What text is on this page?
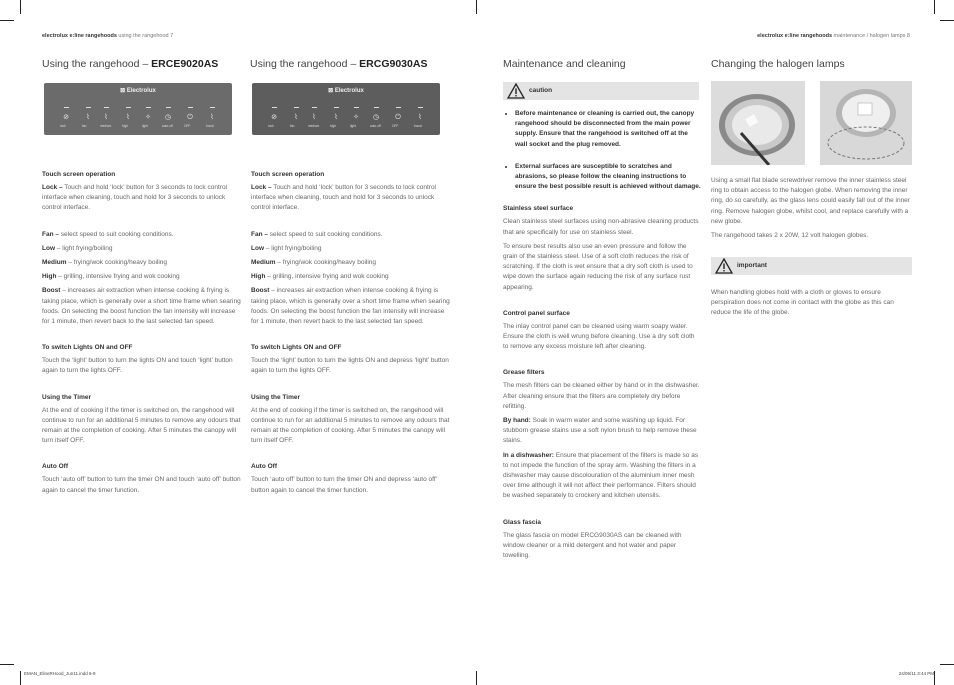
electrolux e:line rangehoods using the rangehood 7	electrolux e:line rangehoods maintenance / halogen lamps 8
Using the rangehood – ERCE9020AS	Using the rangehood – ERCG9030AS	Maintenance and cleaning	Changing the halogen lamps
⊠ Electrolux
⊘
lock
⌇
fan
⌇
medium
⌇
high
✧
light
◷
auto-off
⏻
OFF
⌇
boost
⊠ Electrolux
⊘
lock
⌇
fan
⌇
medium
⌇
high
✧
light
◷
auto-off
⏻
OFF
⌇
boost
Touch screen operation

Lock – Touch and hold ‘lock’ button for 3 seconds to lock control interface when cleaning, touch and hold for 3 seconds to unlock control interface.

Fan – select speed to suit cooking conditions.

Low – light frying/boiling

Medium – frying/wok cooking/heavy boiling

High – grilling, intensive frying and wok cooking

Boost – increases air extraction when intense cooking & frying is taking place, which is generally over a short time frame when searing foods. On selecting the boost function the fan intensity will increase for 1 minute, then revert back to the last selected fan speed.

To switch Lights ON and OFF

Touch the ‘light’ button to turn the lights ON and touch ‘light’ button again to turn the lights OFF.

Using the Timer

At the end of cooking if the timer is switched on, the rangehood will continue to run for an additional 5 minutes to remove any odours that remain at the completion of cooking. After 5 minutes the canopy will turn itself OFF.

Auto Off

Touch ‘auto off’ button to turn the timer ON and touch ‘auto off’ button again to cancel the timer function.

Touch screen operation

Lock – Touch and hold ‘lock’ button for 3 seconds to lock control interface when cleaning, touch and hold for 3 seconds to unlock control interface.

Fan – select speed to suit cooking conditions.

Low – light frying/boiling

Medium – frying/wok cooking/heavy boiling

High – grilling, intensive frying and wok cooking

Boost – increases air extraction when intense cooking & frying is taking place, which is generally over a short time frame when searing foods. On selecting the boost function the fan intensity will increase for 1 minute, then revert back to the last selected fan speed.

To switch Lights ON and OFF

Touch the ‘light’ button to turn the lights ON and depress ‘light’ button again to turn the lights OFF.

Using the Timer

At the end of cooking if the timer is switched on, the rangehood will continue to run for an additional 5 minutes to remove any odours that remain at the completion of cooking. After 5 minutes the canopy will turn itself OFF.

Auto Off

Touch ‘auto off’ button to turn the timer ON and depress ‘auto off’ button again to cancel the timer function.

caution
• Before maintenance or cleaning is carried out, the canopy rangehood should be disconnected from the main power supply. Ensure that the rangehood is switched off at the wall socket and the plug removed.
• External surfaces are susceptible to scratches and abrasions, so please follow the cleaning instructions to ensure the best possible result is achieved without damage.
Stainless steel surface

Clean stainless steel surfaces using non-abrasive cleaning products that are specifically for use on stainless steel.

To ensure best results also use an even pressure and follow the grain of the stainless steel. Use of a soft cloth reduces the risk of scratching. If the cloth is wet ensure that a dry soft cloth is used to wipe down the surface again reducing the risk of any surface rust appearing.

Control panel surface

The inlay control panel can be cleaned using warm soapy water. Ensure the cloth is well wrung before cleaning. Use a dry soft cloth to remove any excess moisture left after cleaning.

Grease filters

The mesh filters can be cleaned either by hand or in the dishwasher. After cleaning ensure that the filters are completely dry before refitting.

By hand: Soak in warm water and some washing up liquid. For stubborn grease stains use a soft nylon brush to help remove these stains.

In a dishwasher: Ensure that placement of the filters is made so as to not impede the function of the spray arm. Washing the filters in a dishwasher may cause discolouration of the aluminium inner mesh over time although it will not affect their performance. Filters should be washed separately to crockery and kitchen utensils.

Glass fascia

The glass fascia on model ERCG9030AS can be cleaned with window cleaner or a mild detergent and hot water and paper towelling.

Using a small flat blade screwdriver remove the inner stainless steel ring to obtain access to the halogen globe. When removing the inner ring, do so carefully, as the glass lens could easily fall out of the inner ring. Remove halogen globe, whilst cool, and replace carefully with a new globe.

The rangehood takes 2 x 20W, 12 volt halogen globes.

important

When handling globes hold with a cloth or gloves to ensure perspiration does not come in contact with the globe as this can reduce the life of the globe.

EMAN_ElineRHood_Jun11.indd 6-9	24/06/11 3:44 PM
